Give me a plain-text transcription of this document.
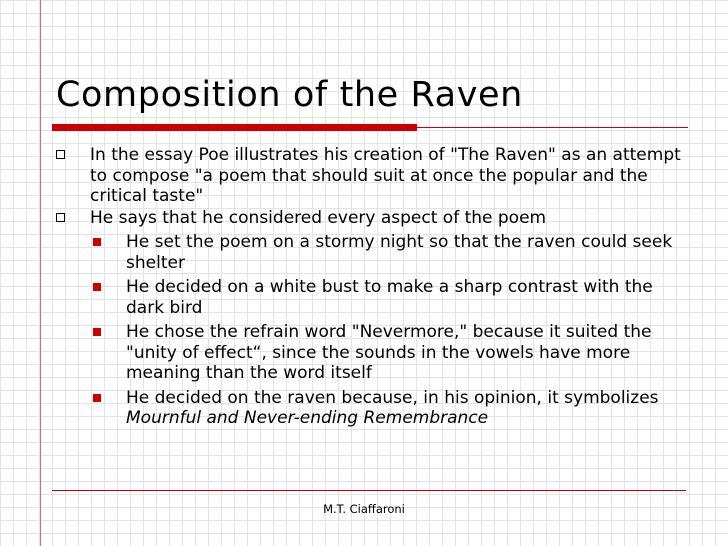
Composition of the Raven
In the essay Poe illustrates his creation of "The Raven" as an attempt to compose "a poem that should suit at once the popular and the critical taste"
He says that he considered every aspect of the poem
He set the poem on a stormy night so that the raven could seek shelter
He decided on a white bust to make a sharp contrast with the dark bird
He chose the refrain word "Nevermore," because it suited the "unity of effect“, since the sounds in the vowels have more meaning than the word itself
He decided on the raven because, in his opinion, it symbolizes Mournful and Never-ending Remembrance
M.T. Ciaffaroni
